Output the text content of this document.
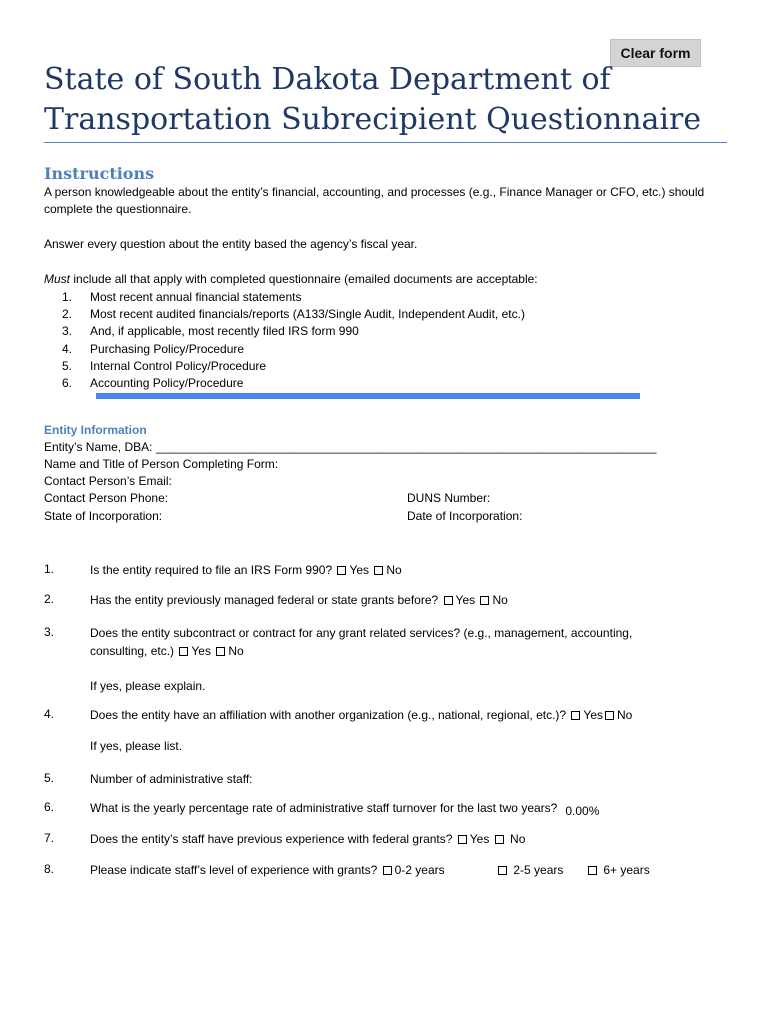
Clear form
State of South Dakota Department of Transportation Subrecipient Questionnaire
Instructions
A person knowledgeable about the entity’s financial, accounting, and processes (e.g., Finance Manager or CFO, etc.) should complete the questionnaire.
Answer every question about the entity based the agency’s fiscal year.
Must include all that apply with completed questionnaire (emailed documents are acceptable:
1. Most recent annual financial statements
2. Most recent audited financials/reports (A133/Single Audit, Independent Audit, etc.)
3. And, if applicable, most recently filed IRS form 990
4. Purchasing Policy/Procedure
5. Internal Control Policy/Procedure
6. Accounting Policy/Procedure
Entity Information
Entity’s Name, DBA: ___________________________________________________________________________
Name and Title of Person Completing Form:
Contact Person’s Email:
Contact Person Phone:	DUNS Number:
State of Incorporation:	Date of Incorporation:
1.	Is the entity required to file an IRS Form 990? Yes No
2.	Has the entity previously managed federal or state grants before? Yes No
3.	Does the entity subcontract or contract for any grant related services? (e.g., management, accounting,
consulting, etc.) Yes No
If yes, please explain.
4.	Does the entity have an affiliation with another organization (e.g., national, regional, etc.)? Yes No
If yes, please list.
5.	Number of administrative staff:
6.	What is the yearly percentage rate of administrative staff turnover for the last two years? 0.00%
7.	Does the entity’s staff have previous experience with federal grants? Yes No
8.	Please indicate staff’s level of experience with grants? 0-2 years	2-5 years	6+ years
